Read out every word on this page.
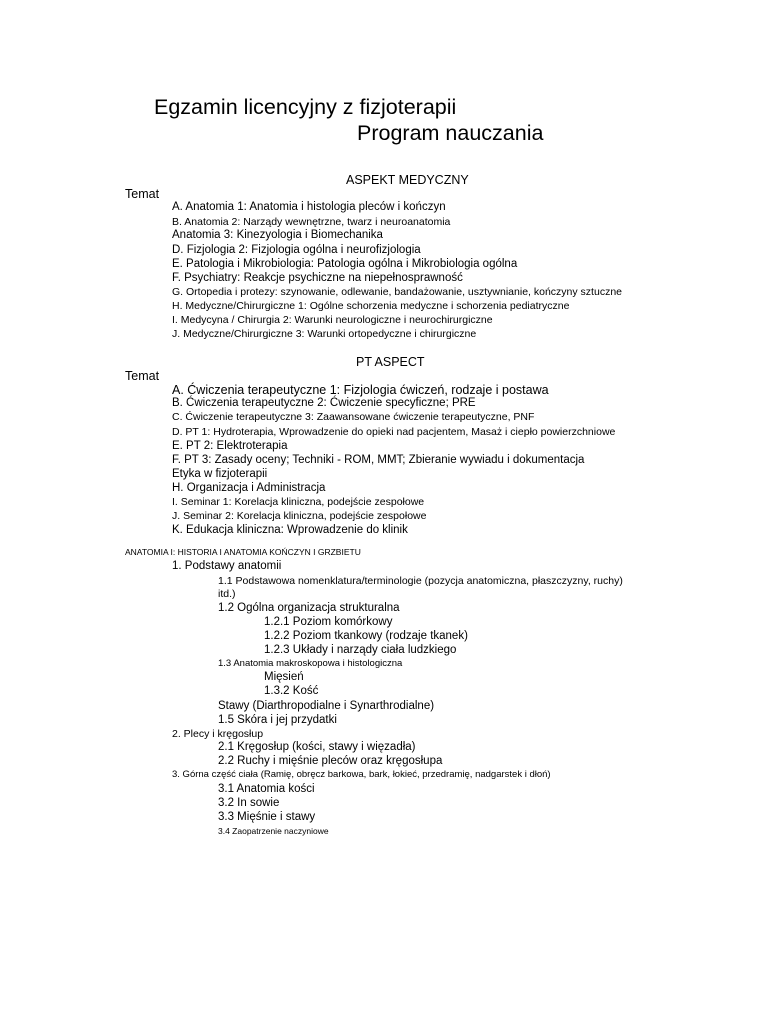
Egzamin licencyjny z fizjoterapii
Program nauczania
ASPEKT MEDYCZNY
Temat
A. Anatomia 1: Anatomia i histologia pleców i kończyn
B. Anatomia 2: Narządy wewnętrzne, twarz i neuroanatomia
Anatomia 3: Kinezyologia i Biomechanika
D. Fizjologia 2: Fizjologia ogólna i neurofizjologia
E. Patologia i Mikrobiologia: Patologia ogólna i Mikrobiologia ogólna
F. Psychiatry: Reakcje psychiczne na niepełnosprawność
G. Ortopedia i protezy: szynowanie, odlewanie, bandażowanie, usztywnianie, kończyny sztuczne
H. Medyczne/Chirurgiczne 1: Ogólne schorzenia medyczne i schorzenia pediatryczne
I. Medycyna / Chirurgia 2: Warunki neurologiczne i neurochirurgiczne
J. Medyczne/Chirurgiczne 3: Warunki ortopedyczne i chirurgiczne
PT ASPECT
Temat
A. Ćwiczenia terapeutyczne 1: Fizjologia ćwiczeń, rodzaje i postawa
B. Ćwiczenia terapeutyczne 2: Ćwiczenie specyficzne; PRE
C. Ćwiczenie terapeutyczne 3: Zaawansowane ćwiczenie terapeutyczne, PNF
D. PT 1: Hydroterapia, Wprowadzenie do opieki nad pacjentem, Masaż i ciepło powierzchniowe
E. PT 2: Elektroterapia
F. PT 3: Zasady oceny; Techniki - ROM, MMT; Zbieranie wywiadu i dokumentacja
Etyka w fizjoterapii
H. Organizacja i Administracja
I. Seminar 1: Korelacja kliniczna, podejście zespołowe
J. Seminar 2: Korelacja kliniczna, podejście zespołowe
K. Edukacja kliniczna: Wprowadzenie do klinik
ANATOMIA I: HISTORIA I ANATOMIA KOŃCZYN I GRZBIETU
1. Podstawy anatomii
1.1 Podstawowa nomenklatura/terminologie (pozycja anatomiczna, płaszczyzny, ruchy)
itd.)
1.2 Ogólna organizacja strukturalna
1.2.1 Poziom komórkowy
1.2.2 Poziom tkankowy (rodzaje tkanek)
1.2.3 Układy i narządy ciała ludzkiego
1.3 Anatomia makroskopowa i histologiczna
Mięsień
1.3.2 Kość
Stawy (Diarthropodialne i Synarthrodialne)
1.5 Skóra i jej przydatki
2. Plecy i kręgosłup
2.1 Kręgosłup (kości, stawy i więzadła)
2.2 Ruchy i mięśnie pleców oraz kręgosłupa
3. Górna część ciała (Ramię, obręcz barkowa, bark, łokieć, przedramię, nadgarstek i dłoń)
3.1 Anatomia kości
3.2 In sowie
3.3 Mięśnie i stawy
3.4 Zaopatrzenie naczyniowe
